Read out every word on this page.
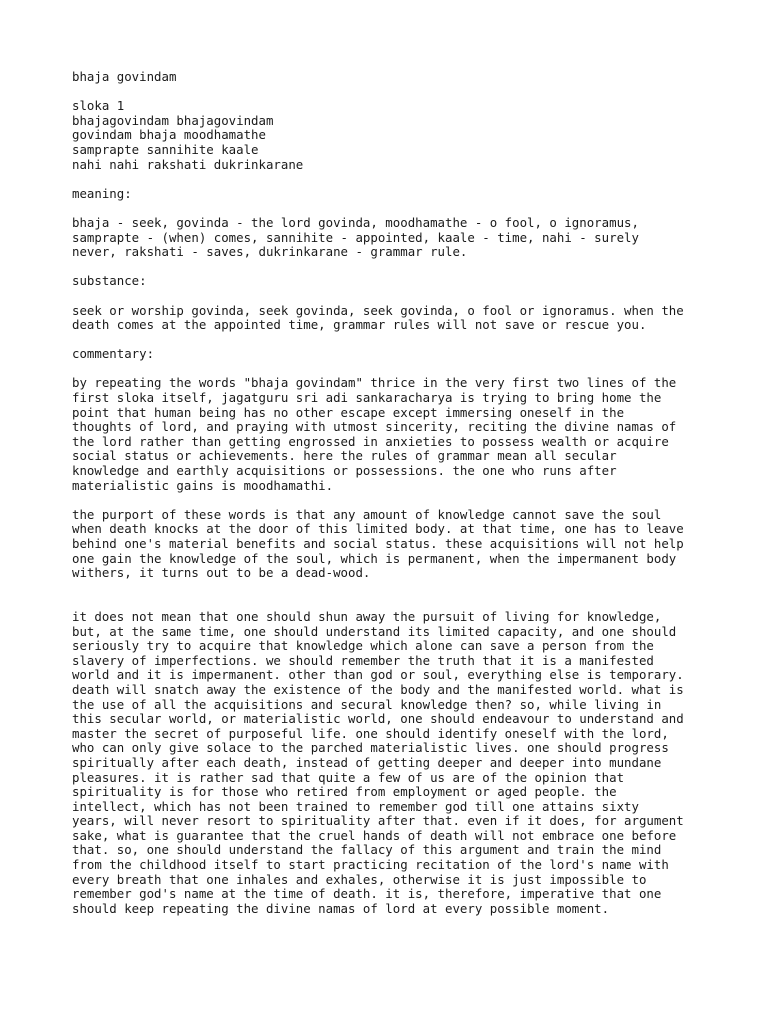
bhaja govindam
sloka 1
bhajagovindam bhajagovindam
govindam bhaja moodhamathe
samprapte sannihite kaale
nahi nahi rakshati dukrinkarane
meaning:
bhaja - seek, govinda - the lord govinda, moodhamathe - o fool, o ignoramus,
samprapte - (when) comes, sannihite - appointed, kaale - time, nahi - surely
never, rakshati - saves, dukrinkarane - grammar rule.
substance:
seek or worship govinda, seek govinda, seek govinda, o fool or ignoramus. when the
death comes at the appointed time, grammar rules will not save or rescue you.
commentary:
by repeating the words "bhaja govindam" thrice in the very first two lines of the
first sloka itself, jagatguru sri adi sankaracharya is trying to bring home the
point that human being has no other escape except immersing oneself in the
thoughts of lord, and praying with utmost sincerity, reciting the divine namas of
the lord rather than getting engrossed in anxieties to possess wealth or acquire
social status or achievements. here the rules of grammar mean all secular
knowledge and earthly acquisitions or possessions. the one who runs after
materialistic gains is moodhamathi.
the purport of these words is that any amount of knowledge cannot save the soul
when death knocks at the door of this limited body. at that time, one has to leave
behind one's material benefits and social status. these acquisitions will not help
one gain the knowledge of the soul, which is permanent, when the impermanent body
withers, it turns out to be a dead-wood.
it does not mean that one should shun away the pursuit of living for knowledge,
but, at the same time, one should understand its limited capacity, and one should
seriously try to acquire that knowledge which alone can save a person from the
slavery of imperfections. we should remember the truth that it is a manifested
world and it is impermanent. other than god or soul, everything else is temporary.
death will snatch away the existence of the body and the manifested world. what is
the use of all the acquisitions and secural knowledge then? so, while living in
this secular world, or materialistic world, one should endeavour to understand and
master the secret of purposeful life. one should identify oneself with the lord,
who can only give solace to the parched materialistic lives. one should progress
spiritually after each death, instead of getting deeper and deeper into mundane
pleasures. it is rather sad that quite a few of us are of the opinion that
spirituality is for those who retired from employment or aged people. the
intellect, which has not been trained to remember god till one attains sixty
years, will never resort to spirituality after that. even if it does, for argument
sake, what is guarantee that the cruel hands of death will not embrace one before
that. so, one should understand the fallacy of this argument and train the mind
from the childhood itself to start practicing recitation of the lord's name with
every breath that one inhales and exhales, otherwise it is just impossible to
remember god's name at the time of death. it is, therefore, imperative that one
should keep repeating the divine namas of lord at every possible moment.
